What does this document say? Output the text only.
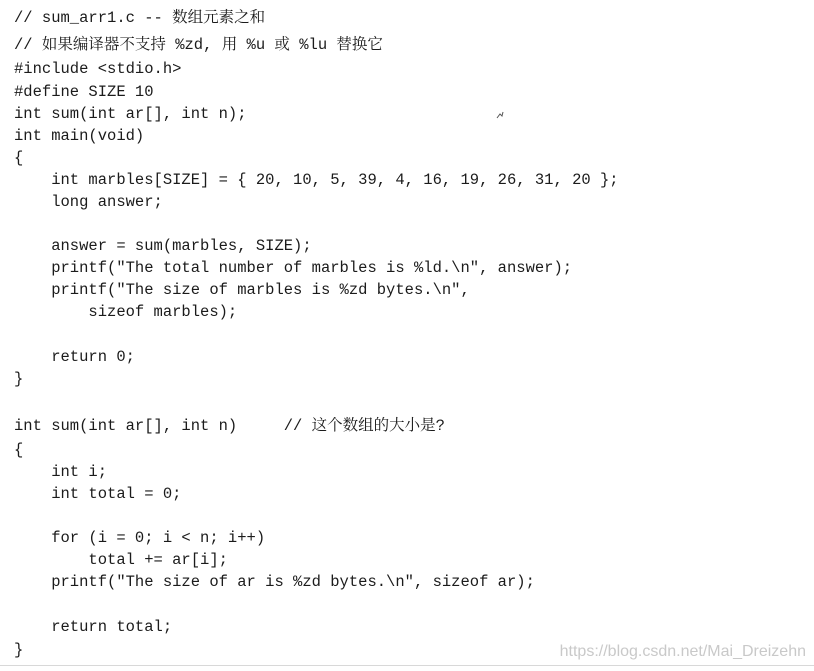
// sum_arr1.c -- 数组元素之和
// 如果编译器不支持 %zd, 用 %u 或 %lu 替换它
#include <stdio.h>
#define SIZE 10
int sum(int ar[], int n);
int main(void)
{
int marbles[SIZE] = { 20, 10, 5, 39, 4, 16, 19, 26, 31, 20 };
long answer;
answer = sum(marbles, SIZE);
printf("The total number of marbles is %ld.\n", answer);
printf("The size of marbles is %zd bytes.\n",
sizeof marbles);
return 0;
}
int sum(int ar[], int n)     // 这个数组的大小是?
{
int i;
int total = 0;
for (i = 0; i < n; i++)
total += ar[i];
printf("The size of ar is %zd bytes.\n", sizeof ar);
return total;
}	https://blog.csdn.net/Mai_Dreizehn
